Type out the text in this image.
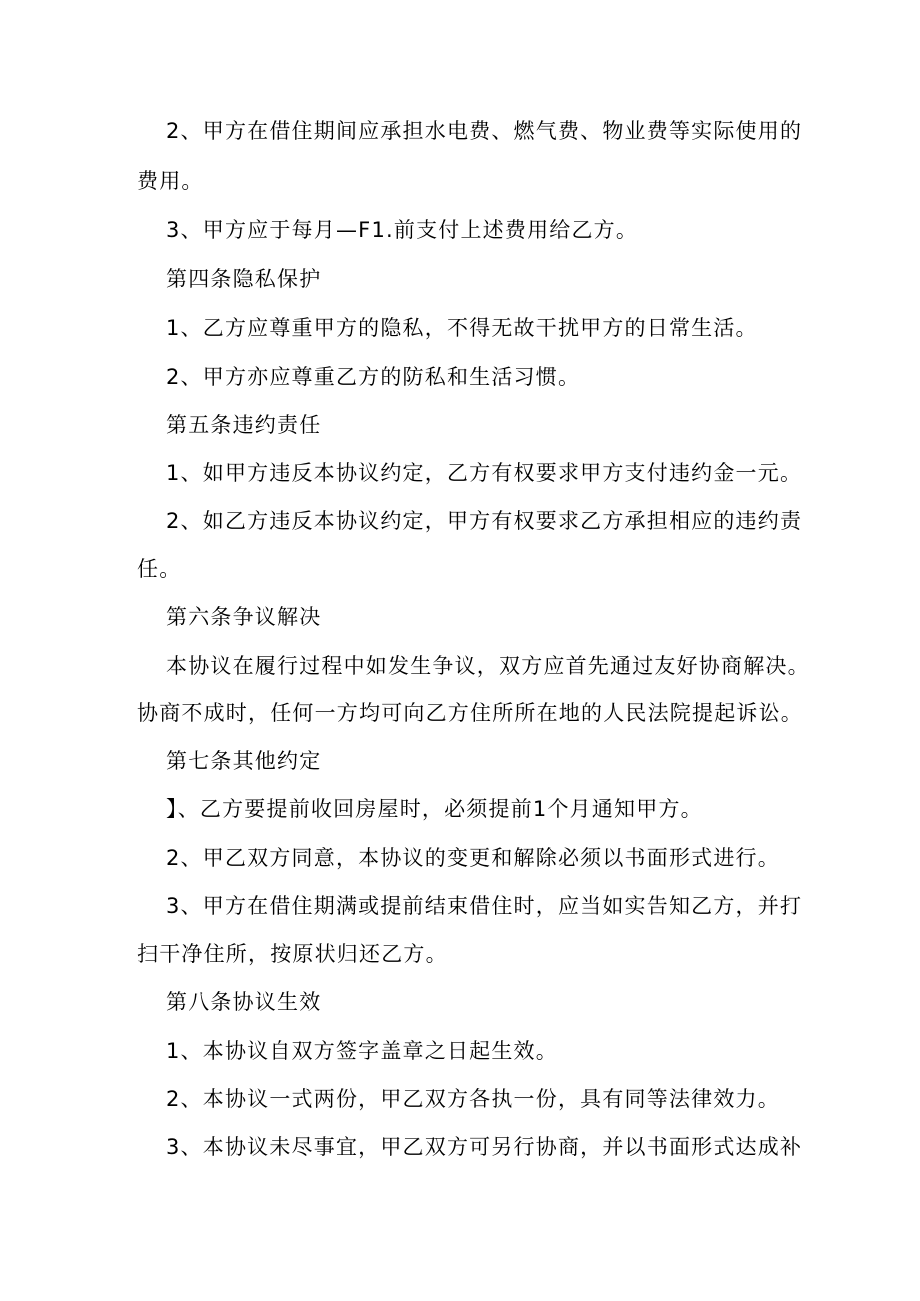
2、甲方在借住期间应承担水电费、燃气费、物业费等实际使用的
费用。
3、甲方应于每月—F1.前支付上述费用给乙方。
第四条隐私保护
1、乙方应尊重甲方的隐私，不得无故干扰甲方的日常生活。
2、甲方亦应尊重乙方的防私和生活习惯。
第五条违约责任
1、如甲方违反本协议约定，乙方有权要求甲方支付违约金一元。
2、如乙方违反本协议约定，甲方有权要求乙方承担相应的违约责
任。
第六条争议解决
本协议在履行过程中如发生争议，双方应首先通过友好协商解决。
协商不成时，任何一方均可向乙方住所所在地的人民法院提起诉讼。
第七条其他约定
】、乙方要提前收回房屋时，必须提前1个月通知甲方。
2、甲乙双方同意，本协议的变更和解除必须以书面形式进行。
3、甲方在借住期满或提前结束借住时，应当如实告知乙方，并打
扫干净住所，按原状归还乙方。
第八条协议生效
1、本协议自双方签字盖章之日起生效。
2、本协议一式两份，甲乙双方各执一份，具有同等法律效力。
3、本协议未尽事宜，甲乙双方可另行协商，并以书面形式达成补
